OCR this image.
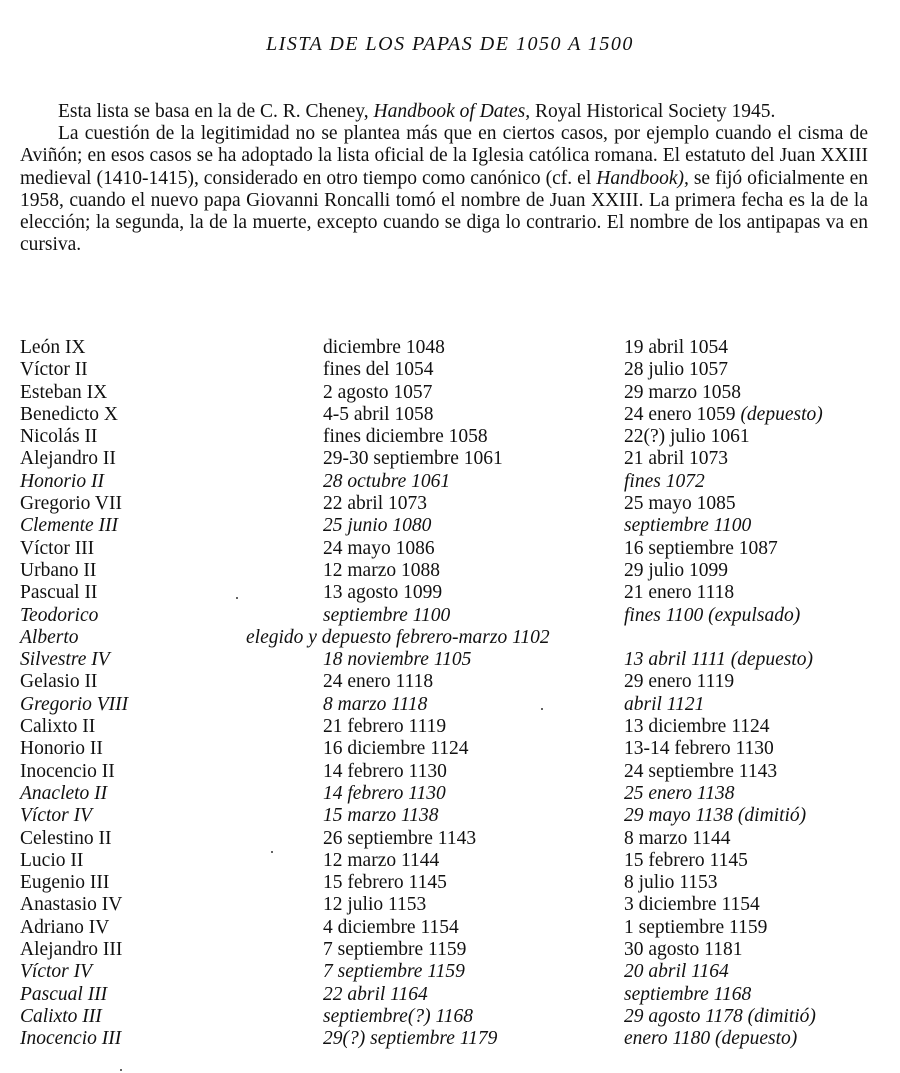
LISTA DE LOS PAPAS DE 1050 A 1500

Esta lista se basa en la de C. R. Cheney, Handbook of Dates, Royal Historical Society 1945.

La cuestión de la legitimidad no se plantea más que en ciertos casos, por ejemplo cuando el cisma de Aviñón; en esos casos se ha adoptado la lista oficial de la Iglesia católica romana. El estatuto del Juan XXIII medieval (1410-1415), considerado en otro tiempo como canónico (cf. el Handbook), se fijó oficialmente en 1958, cuando el nuevo papa Giovanni Roncalli tomó el nombre de Juan XXIII. La primera fecha es la de la elección; la segunda, la de la muerte, excepto cuando se diga lo contrario. El nombre de los antipapas va en cursiva.

León IX	diciembre 1048	19 abril 1054
Víctor II	fines del 1054	28 julio 1057
Esteban IX	2 agosto 1057	29 marzo 1058
Benedicto X	4-5 abril 1058	24 enero 1059 (depuesto)
Nicolás II	fines diciembre 1058	22(?) julio 1061
Alejandro II	29-30 septiembre 1061	21 abril 1073
Honorio II	28 octubre 1061	fines 1072
Gregorio VII	22 abril 1073	25 mayo 1085
Clemente III	25 junio 1080	septiembre 1100
Víctor III	24 mayo 1086	16 septiembre 1087
Urbano II	12 marzo 1088	29 julio 1099
Pascual II	13 agosto 1099	21 enero 1118
Teodorico	septiembre 1100	fines 1100 (expulsado)
Alberto	elegido y depuesto febrero-marzo 1102
Silvestre IV	18 noviembre 1105	13 abril 1111 (depuesto)
Gelasio II	24 enero 1118	29 enero 1119
Gregorio VIII	8 marzo 1118	abril 1121
Calixto II	21 febrero 1119	13 diciembre 1124
Honorio II	16 diciembre 1124	13-14 febrero 1130
Inocencio II	14 febrero 1130	24 septiembre 1143
Anacleto II	14 febrero 1130	25 enero 1138
Víctor IV	15 marzo 1138	29 mayo 1138 (dimitió)
Celestino II	26 septiembre 1143	8 marzo 1144
Lucio II	12 marzo 1144	15 febrero 1145
Eugenio III	15 febrero 1145	8 julio 1153
Anastasio IV	12 julio 1153	3 diciembre 1154
Adriano IV	4 diciembre 1154	1 septiembre 1159
Alejandro III	7 septiembre 1159	30 agosto 1181
Víctor IV	7 septiembre 1159	20 abril 1164
Pascual III	22 abril 1164	septiembre 1168
Calixto III	septiembre(?) 1168	29 agosto 1178 (dimitió)
Inocencio III	29(?) septiembre 1179	enero 1180 (depuesto)
